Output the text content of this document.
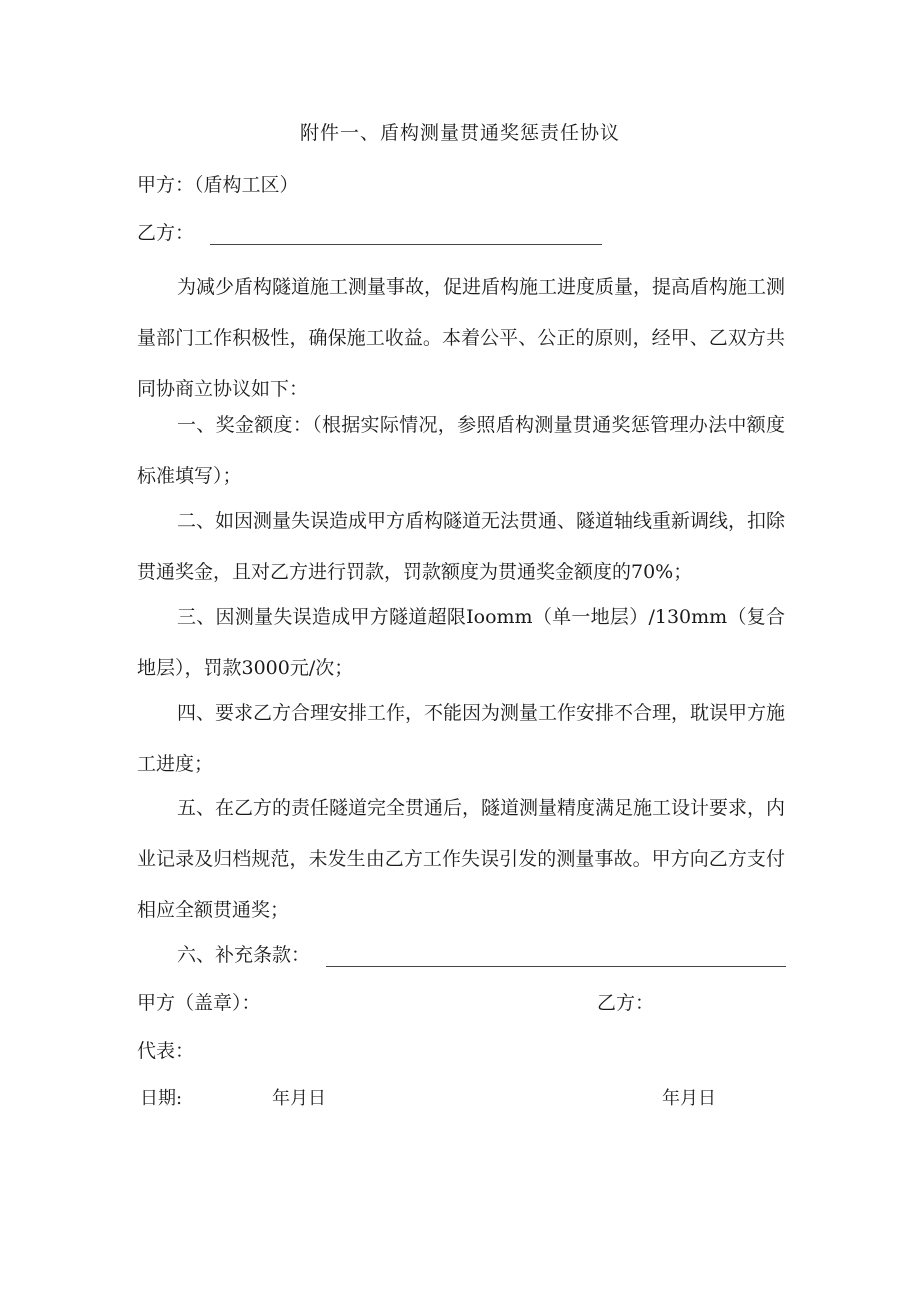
附件一、盾构测量贯通奖惩责任协议
甲方：（盾构工区）
乙方：
为减少盾构隧道施工测量事故，促进盾构施工进度质量，提高盾构施工测量部门工作积极性，确保施工收益。本着公平、公正的原则，经甲、乙双方共同协商立协议如下：
一、奖金额度：（根据实际情况，参照盾构测量贯通奖惩管理办法中额度标准填写）；
二、如因测量失误造成甲方盾构隧道无法贯通、隧道轴线重新调线，扣除贯通奖金，且对乙方进行罚款，罚款额度为贯通奖金额度的70%；
三、因测量失误造成甲方隧道超限Ioomm（单一地层）/130mm（复合地层），罚款3000元/次；
四、要求乙方合理安排工作，不能因为测量工作安排不合理，耽误甲方施工进度；
五、在乙方的责任隧道完全贯通后，隧道测量精度满足施工设计要求，内业记录及归档规范，未发生由乙方工作失误引发的测量事故。甲方向乙方支付相应全额贯通奖；
六、补充条款：
甲方（盖章）：	乙方：
代表：
日期:	年月日	年月日
